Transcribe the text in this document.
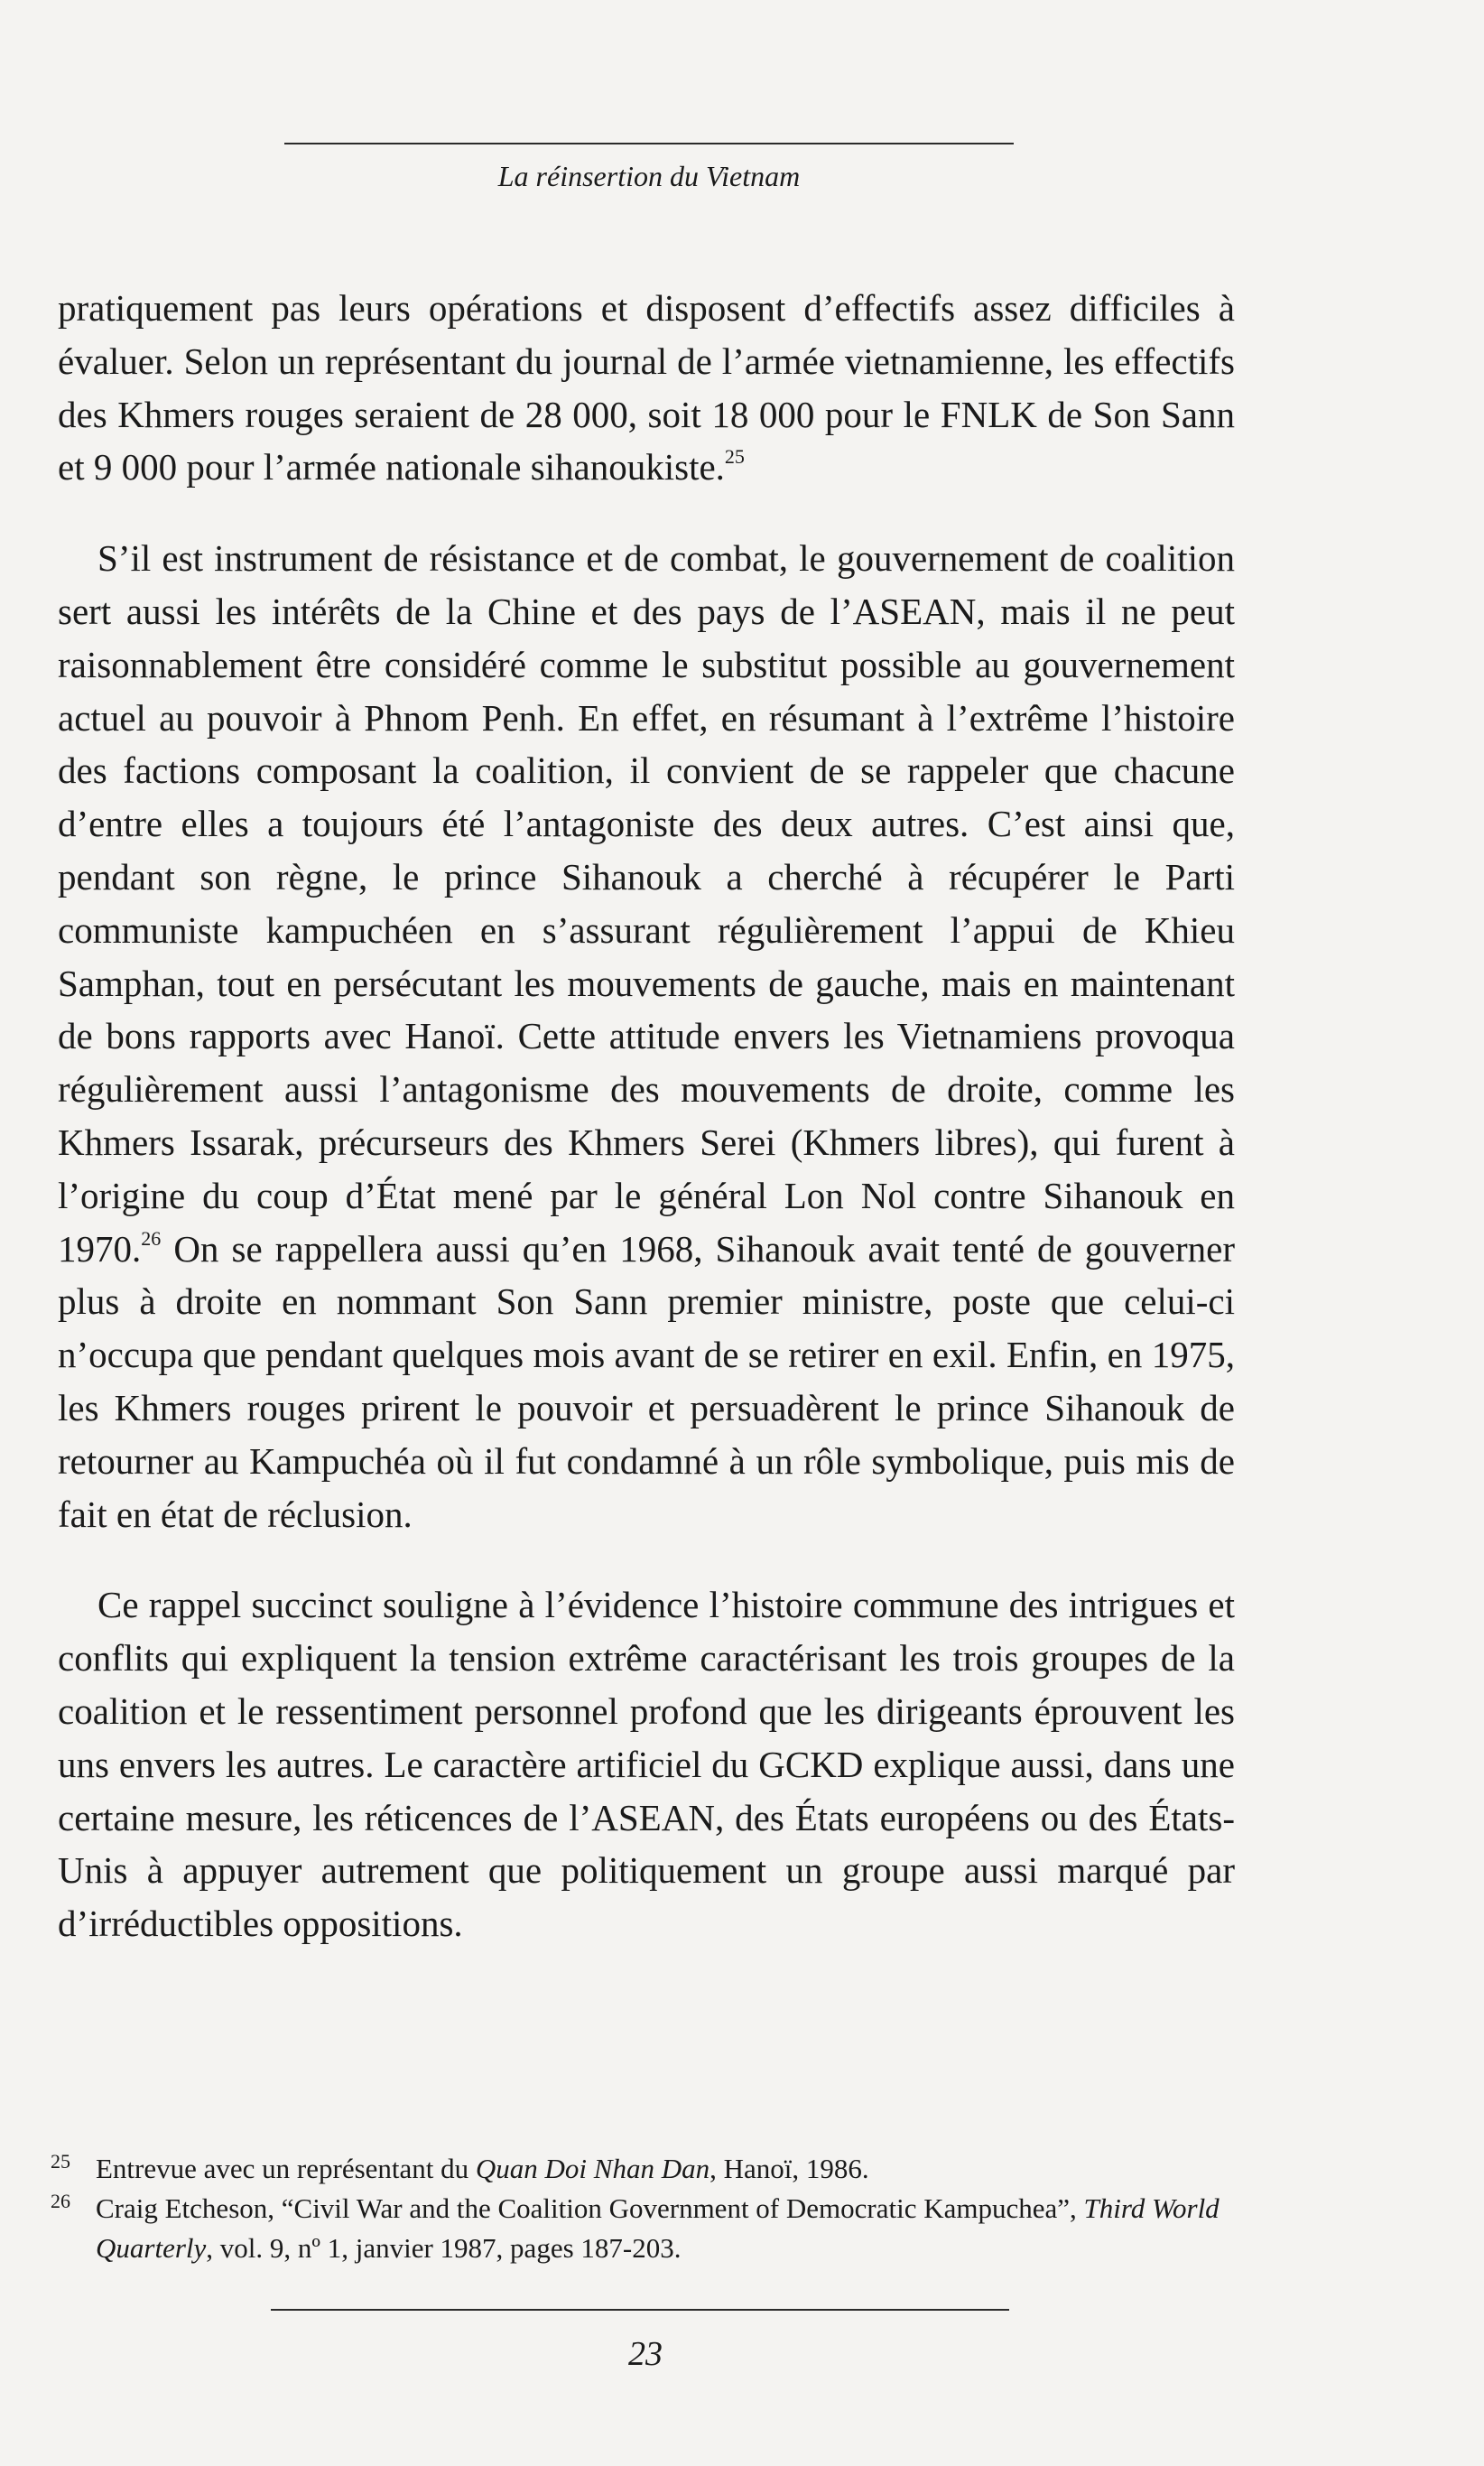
La réinsertion du Vietnam

pratiquement pas leurs opérations et disposent d’effectifs assez difficiles à évaluer. Selon un représentant du journal de l’armée vietnamienne, les effectifs des Khmers rouges seraient de 28 000, soit 18 000 pour le FNLK de Son Sann et 9 000 pour l’armée nationale sihanoukiste.$^{25}$

S’il est instrument de résistance et de combat, le gouvernement de coalition sert aussi les intérêts de la Chine et des pays de l’ASEAN, mais il ne peut raisonnablement être considéré comme le substitut possible au gouvernement actuel au pouvoir à Phnom Penh. En effet, en résumant à l’extrême l’histoire des factions composant la coalition, il convient de se rappeler que chacune d’entre elles a toujours été l’antagoniste des deux autres. C’est ainsi que, pendant son règne, le prince Sihanouk a cherché à récupérer le Parti communiste kampuchéen en s’assurant régulièrement l’appui de Khieu Samphan, tout en persécutant les mouvements de gauche, mais en maintenant de bons rapports avec Hanoï. Cette attitude envers les Vietnamiens provoqua régulièrement aussi l’antagonisme des mouvements de droite, comme les Khmers Issarak, précurseurs des Khmers Serei (Khmers libres), qui furent à l’origine du coup d’État mené par le général Lon Nol contre Sihanouk en 1970.26 On se rappellera aussi qu’en 1968, Sihanouk avait tenté de gouverner plus à droite en nommant Son Sann premier ministre, poste que celui-ci n’occupa que pendant quelques mois avant de se retirer en exil. Enfin, en 1975, les Khmers rouges prirent le pouvoir et persuadèrent le prince Sihanouk de retourner au Kampuchéa où il fut condamné à un rôle symbolique, puis mis de fait en état de réclusion.

Ce rappel succinct souligne à l’évidence l’histoire commune des intrigues et conflits qui expliquent la tension extrême caractérisant les trois groupes de la coalition et le ressentiment personnel profond que les dirigeants éprouvent les uns envers les autres. Le caractère artificiel du GCKD explique aussi, dans une certaine mesure, les réticences de l’ASEAN, des États européens ou des États-Unis à appuyer autrement que politiquement un groupe aussi marqué par d’irréductibles oppositions.

25 Entrevue avec un représentant du Quan Doi Nhan Dan, Hanoï, 1986.
26 Craig Etcheson, “Civil War and the Coalition Government of Democratic Kampuchea”, Third World Quarterly, vol. 9, nº 1, janvier 1987, pages 187-203.
23
